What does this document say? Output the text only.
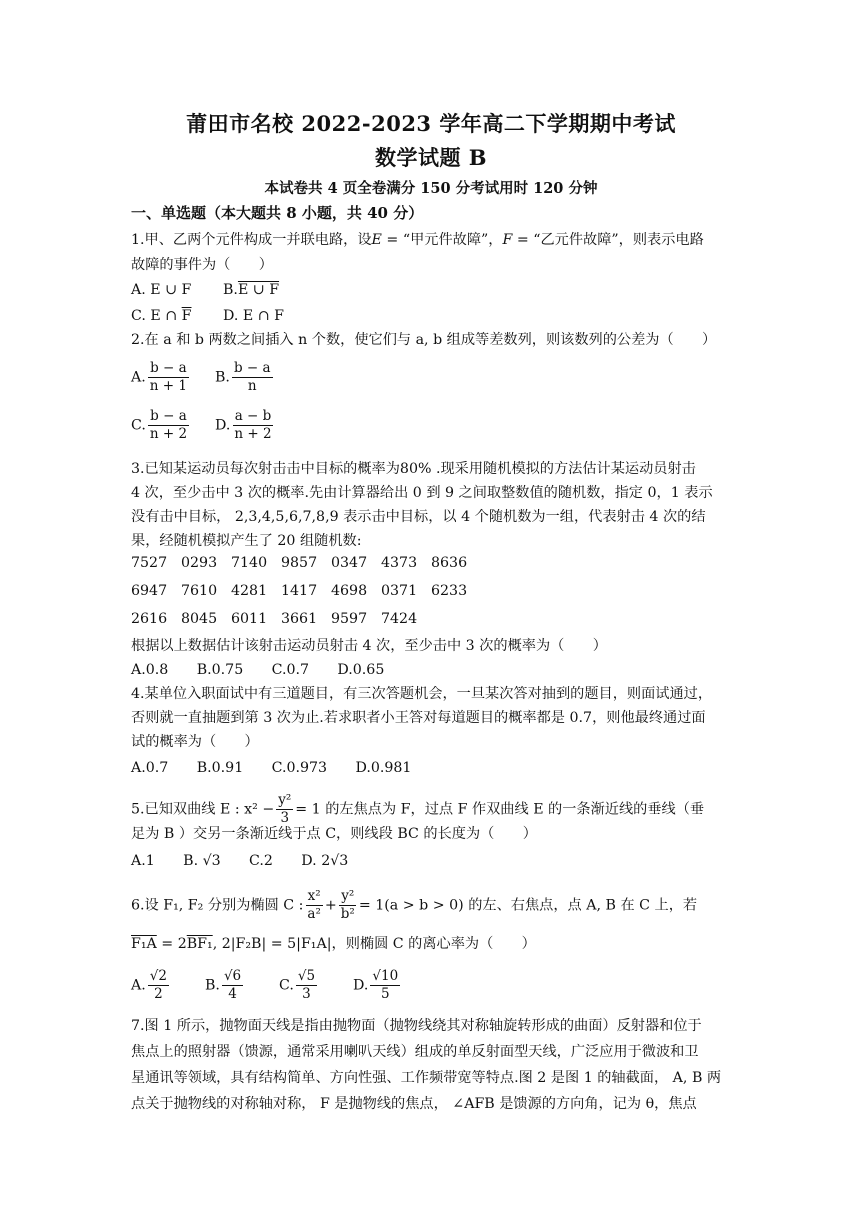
莆田市名校 2022-2023 学年高二下学期期中考试
数学试题 B
本试卷共 4 页全卷满分 150 分考试用时 120 分钟
一、单选题（本大题共 8 小题，共 40 分）
1.甲、乙两个元件构成一并联电路，设E = “甲元件故障”，F = “乙元件故障”，则表示电路
故障的事件为（　　）
A. E ∪ F B.E ∪ F
C. E ∩ $\overline{F}$ D. E ∩ F
2.在 a 和 b 两数之间插入 n 个数，使它们与 a, b 组成等差数列，则该数列的公差为（　　）
A. $\frac{b - a}{n + 1} B$. $\frac{b - a}{n}$
C. $\frac{b - a}{n + 2} D$. $\frac{a - b}{n + 2}$
3.已知某运动员每次射击击中目标的概率为80% .现采用随机模拟的方法估计某运动员射击
4 次，至少击中 3 次的概率.先由计算器给出 0 到 9 之间取整数值的随机数，指定 0，1 表示
没有击中目标， 2,3,4,5,6,7,8,9 表示击中目标，以 4 个随机数为一组，代表射击 4 次的结
果，经随机模拟产生了 20 组随机数:
7527 0293 7140 9857 0347 4373 8636
6947 7610 4281 1417 4698 0371 6233
2616 8045 6011 3661 9597 7424
根据以上数据估计该射击运动员射击 4 次，至少击中 3 次的概率为（　　）
A.0.8　　B.0.75　　C.0.7　　D.0.65
4.某单位入职面试中有三道题目，有三次答题机会，一旦某次答对抽到的题目，则面试通过，
否则就一直抽题到第 3 次为止.若求职者小王答对每道题目的概率都是 0.7，则他最终通过面
试的概率为（　　）
A.0.7　　B.0.91　　C.0.973　　D.0.981
5.已知双曲线 E : $x^2 - \frac{\text{y²}}{3} = 1$ 的左焦点为 F，过点 F 作双曲线 E 的一条渐近线的垂线（垂
足为 B ）交另一条渐近线于点 C，则线段 BC 的长度为（　　）
A.1　　B. √3　　C.2　　D. 2√3
6.设 F₁, F₂ 分别为椭圆 C : $\frac{\text{x²}}{\text{a²}} + \frac{\text{y²}}{\text{b²}} = 1(a > b > 0)$ 的左、右焦点，点 A, B 在 C 上，若
F₁A = 2BF₁, 2|F₂B| = 5|F₁A|，则椭圆 C 的离心率为（　　）
A. $\frac{√2}{2}$	B. $\frac{√6}{4}$	C. $\frac{√5}{3}$	D. $\frac{√10}{5}$
7.图 1 所示，抛物面天线是指由抛物面（抛物线绕其对称轴旋转形成的曲面）反射器和位于
焦点上的照射器（馈源，通常采用喇叭天线）组成的单反射面型天线，广泛应用于微波和卫
星通讯等领域，具有结构简单、方向性强、工作频带宽等特点.图 2 是图 1 的轴截面， A, B 两
点关于抛物线的对称轴对称， F 是抛物线的焦点， ∠AFB 是馈源的方向角，记为 θ，焦点
